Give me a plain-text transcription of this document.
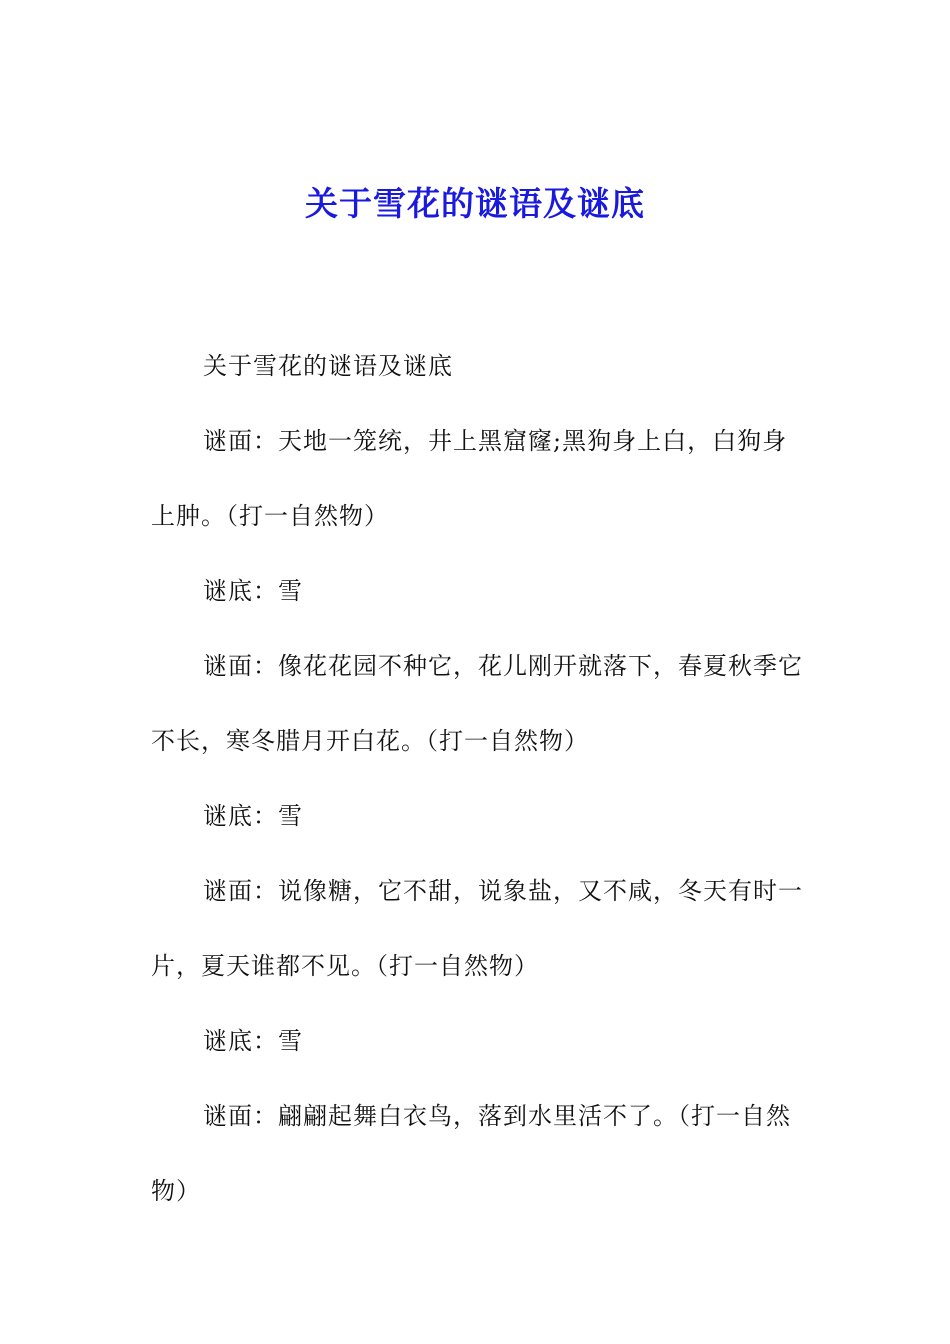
关于雪花的谜语及谜底

关于雪花的谜语及谜底

谜面：天地一笼统，井上黑窟窿;黑狗身上白，白狗身上肿。（打一自然物）

谜底：雪

谜面：像花花园不种它，花儿刚开就落下，春夏秋季它不长，寒冬腊月开白花。（打一自然物）

谜底：雪

谜面：说像糖，它不甜，说象盐，又不咸，冬天有时一片，夏天谁都不见。（打一自然物）

谜底：雪

谜面：翩翩起舞白衣鸟，落到水里活不了。（打一自然物）
